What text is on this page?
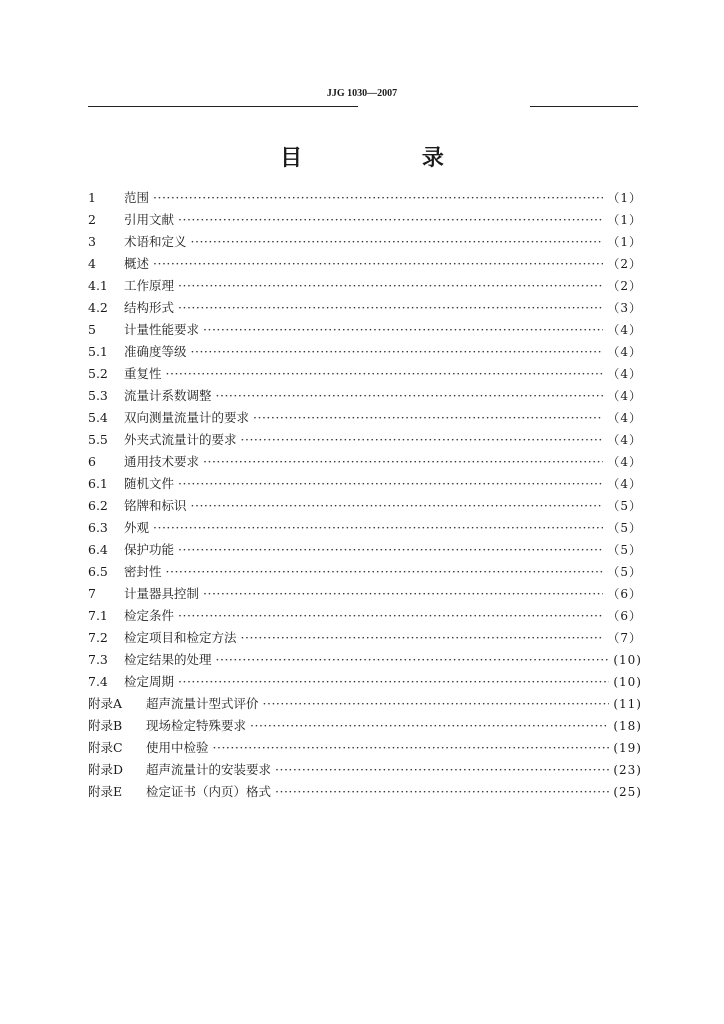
JJG 1030—2007
目 录
1	范围 ·····	（1）
2	引用文献 ·····	（1）
3	术语和定义 ·····	（1）
4	概述 ·····	（2）
4.1	工作原理 ·····	（2）
4.2	结构形式 ·····	（3）
5	计量性能要求 ·····	（4）
5.1	准确度等级 ·····	（4）
5.2	重复性 ·····	（4）
5.3	流量计系数调整 ·····	（4）
5.4	双向测量流量计的要求 ·····	（4）
5.5	外夹式流量计的要求 ·····	（4）
6	通用技术要求 ·····	（4）
6.1	随机文件 ·····	（4）
6.2	铭牌和标识 ·····	（5）
6.3	外观 ·····	（5）
6.4	保护功能 ·····	（5）
6.5	密封性 ·····	（5）
7	计量器具控制 ·····	（6）
7.1	检定条件 ·····	（6）
7.2	检定项目和检定方法 ·····	（7）
7.3	检定结果的处理 ·····	(10)
7.4	检定周期 ·····	(10)
附录A	超声流量计型式评价 ·····	(11)
附录B	现场检定特殊要求 ·····	(18)
附录C	使用中检验 ·····	(19)
附录D	超声流量计的安装要求 ·····	(23)
附录E	检定证书（内页）格式 ·····	(25)
